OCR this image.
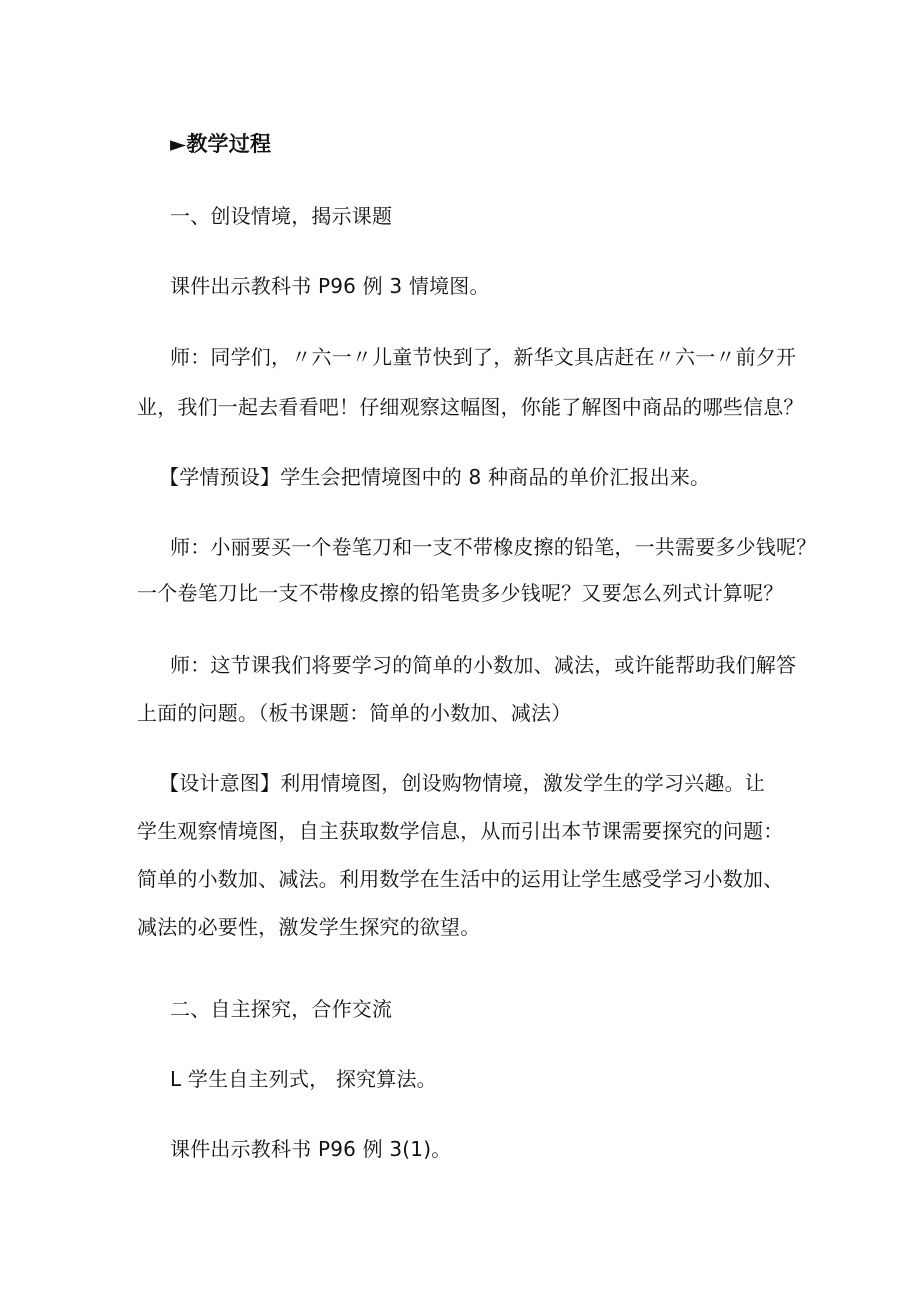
►教学过程
一、创设情境，揭示课题
课件出示教科书 P96 例 3 情境图。
师：同学们，〃六一〃儿童节快到了，新华文具店赶在〃六一〃前夕开
业，我们一起去看看吧！仔细观察这幅图，你能了解图中商品的哪些信息？
【学情预设】学生会把情境图中的 8 种商品的单价汇报出来。
师：小丽要买一个卷笔刀和一支不带橡皮擦的铅笔，一共需要多少钱呢？
一个卷笔刀比一支不带橡皮擦的铅笔贵多少钱呢？又要怎么列式计算呢？
师：这节课我们将要学习的简单的小数加、减法，或许能帮助我们解答
上面的问题。（板书课题：简单的小数加、减法）
【设计意图】利用情境图，创设购物情境，激发学生的学习兴趣。让
学生观察情境图，自主获取数学信息，从而引出本节课需要探究的问题：
简单的小数加、减法。利用数学在生活中的运用让学生感受学习小数加、
减法的必要性，激发学生探究的欲望。
二、自主探究，合作交流
L 学生自主列式， 探究算法。
课件出示教科书 P96 例 3(1)。
